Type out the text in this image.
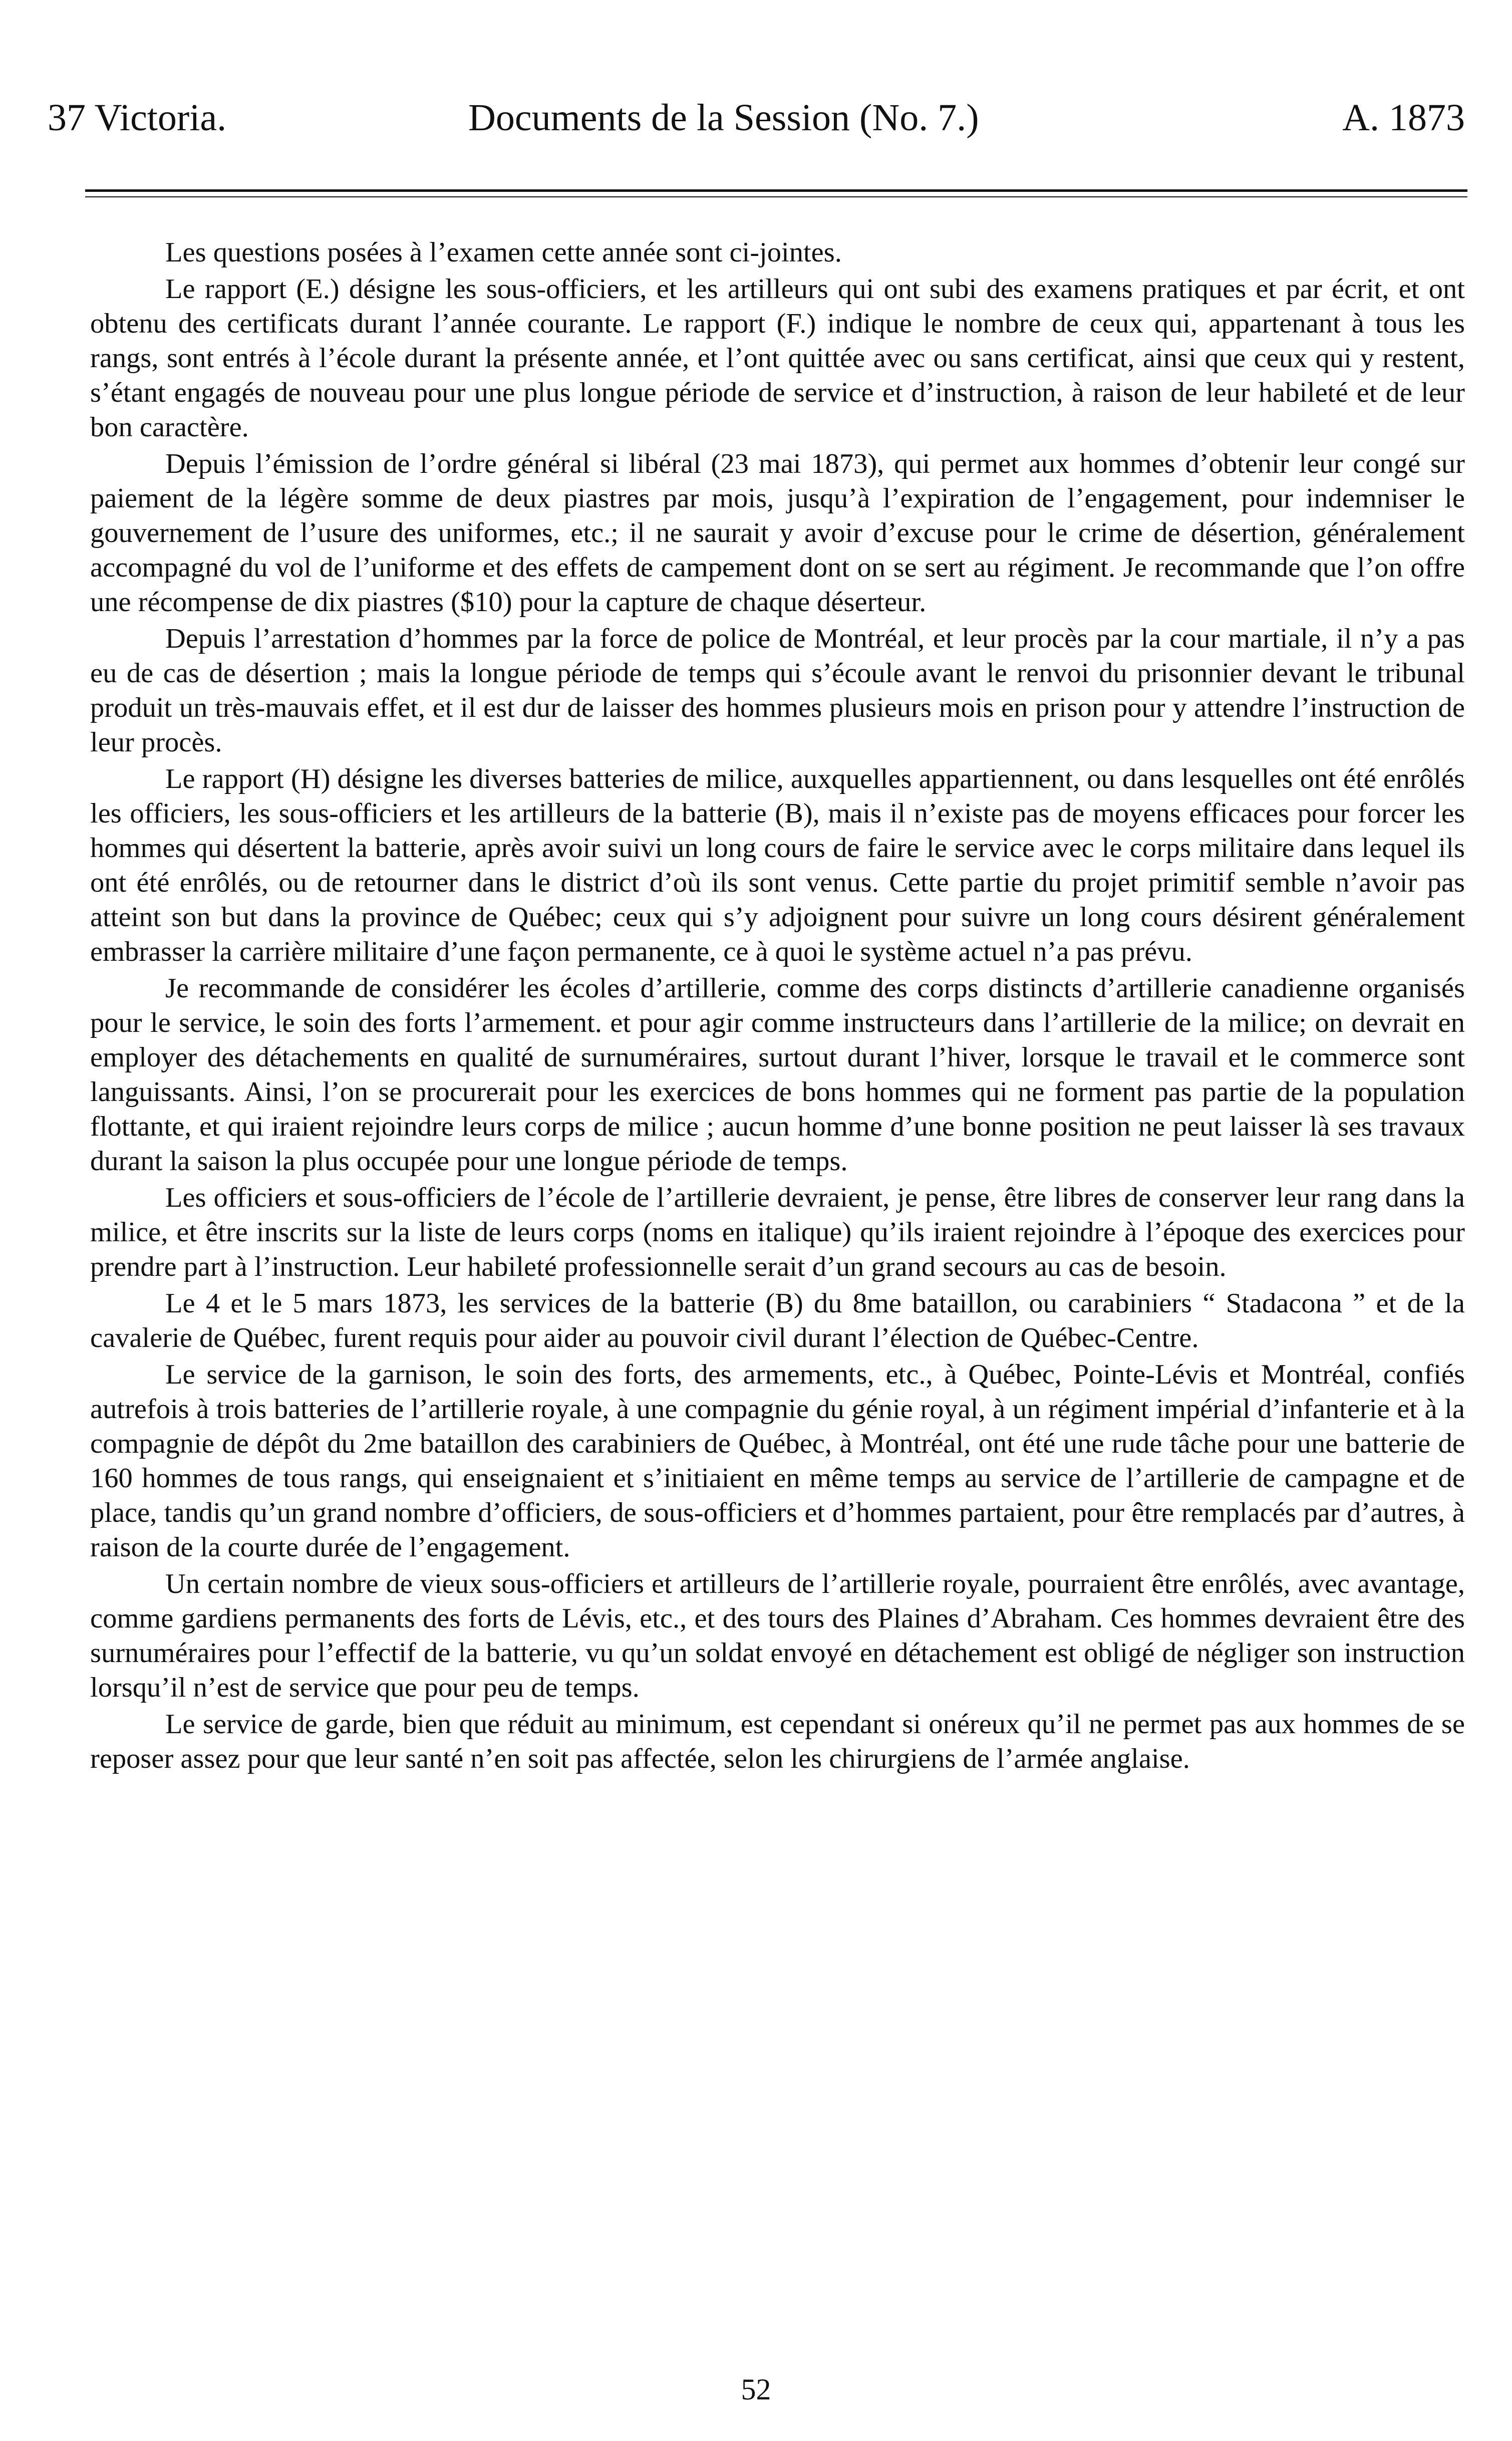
37 Victoria.	Documents de la Session (No. 7.)	A. 1873

Les questions posées à l’examen cette année sont ci-jointes.

Le rapport (E.) désigne les sous-officiers, et les artilleurs qui ont subi des examens pratiques et par écrit, et ont obtenu des certificats durant l’année courante. Le rapport (F.) indique le nombre de ceux qui, appartenant à tous les rangs, sont entrés à l’école durant la présente année, et l’ont quittée avec ou sans certificat, ainsi que ceux qui y restent, s’étant engagés de nouveau pour une plus longue période de service et d’instruction, à raison de leur habileté et de leur bon caractère.

Depuis l’émission de l’ordre général si libéral (23 mai 1873), qui permet aux hommes d’obtenir leur congé sur paiement de la légère somme de deux piastres par mois, jusqu’à l’expiration de l’engagement, pour indemniser le gouvernement de l’usure des uniformes, etc.; il ne saurait y avoir d’excuse pour le crime de désertion, généralement accompagné du vol de l’uniforme et des effets de campement dont on se sert au régiment. Je recommande que l’on offre une récompense de dix piastres ($10) pour la capture de chaque déserteur.

Depuis l’arrestation d’hommes par la force de police de Montréal, et leur procès par la cour martiale, il n’y a pas eu de cas de désertion ; mais la longue période de temps qui s’écoule avant le renvoi du prisonnier devant le tribunal produit un très-mauvais effet, et il est dur de laisser des hommes plusieurs mois en prison pour y attendre l’instruction de leur procès.

Le rapport (H) désigne les diverses batteries de milice, auxquelles appartiennent, ou dans lesquelles ont été enrôlés les officiers, les sous-officiers et les artilleurs de la batterie (B), mais il n’existe pas de moyens efficaces pour forcer les hommes qui désertent la batterie, après avoir suivi un long cours de faire le service avec le corps militaire dans lequel ils ont été enrôlés, ou de retourner dans le district d’où ils sont venus. Cette partie du projet primitif semble n’avoir pas atteint son but dans la province de Québec; ceux qui s’y adjoignent pour suivre un long cours désirent généralement embrasser la carrière militaire d’une façon permanente, ce à quoi le système actuel n’a pas prévu.

Je recommande de considérer les écoles d’artillerie, comme des corps distincts d’artillerie canadienne organisés pour le service, le soin des forts l’armement. et pour agir comme instructeurs dans l’artillerie de la milice; on devrait en employer des détachements en qualité de surnuméraires, surtout durant l’hiver, lorsque le travail et le commerce sont languissants. Ainsi, l’on se procurerait pour les exercices de bons hommes qui ne forment pas partie de la population flottante, et qui iraient rejoindre leurs corps de milice ; aucun homme d’une bonne position ne peut laisser là ses travaux durant la saison la plus occupée pour une longue période de temps.

Les officiers et sous-officiers de l’école de l’artillerie devraient, je pense, être libres de conserver leur rang dans la milice, et être inscrits sur la liste de leurs corps (noms en italique) qu’ils iraient rejoindre à l’époque des exercices pour prendre part à l’instruction. Leur habileté professionnelle serait d’un grand secours au cas de besoin.

Le 4 et le 5 mars 1873, les services de la batterie (B) du 8me bataillon, ou carabiniers “ Stadacona ” et de la cavalerie de Québec, furent requis pour aider au pouvoir civil durant l’élection de Québec-Centre.

Le service de la garnison, le soin des forts, des armements, etc., à Québec, Pointe-Lévis et Montréal, confiés autrefois à trois batteries de l’artillerie royale, à une compagnie du génie royal, à un régiment impérial d’infanterie et à la compagnie de dépôt du 2me bataillon des carabiniers de Québec, à Montréal, ont été une rude tâche pour une batterie de 160 hommes de tous rangs, qui enseignaient et s’initiaient en même temps au service de l’artillerie de campagne et de place, tandis qu’un grand nombre d’officiers, de sous-officiers et d’hommes partaient, pour être remplacés par d’autres, à raison de la courte durée de l’engagement.

Un certain nombre de vieux sous-officiers et artilleurs de l’artillerie royale, pourraient être enrôlés, avec avantage, comme gardiens permanents des forts de Lévis, etc., et des tours des Plaines d’Abraham. Ces hommes devraient être des surnuméraires pour l’effectif de la batterie, vu qu’un soldat envoyé en détachement est obligé de négliger son instruction lorsqu’il n’est de service que pour peu de temps.

Le service de garde, bien que réduit au minimum, est cependant si onéreux qu’il ne permet pas aux hommes de se reposer assez pour que leur santé n’en soit pas affectée, selon les chirurgiens de l’armée anglaise.

52
